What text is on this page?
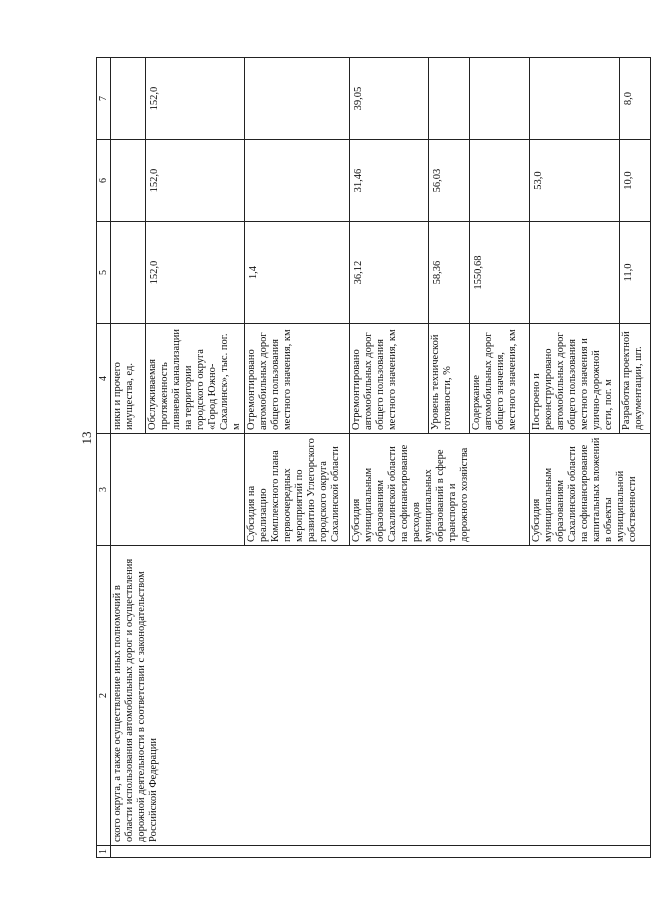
13
1	2	3	4	5	6	7
	ского округа, а также осуществление иных полномочий в области использования автомобильных дорог и осуществления дорожной деятельности в соответствии с законодательством Российской Федерации		ники и прочего имущества, ед.			
			Обслуживаемая протяженность ливневой канализации на территории городского округа «Город Южно-Сахалинск», тыс. пог. м	152,0	152,0	152,0
		Субсидия на реализацию Комплексного плана первоочередных мероприятий по развитию Углегорского городского округа Сахалинской области	Отремонтировано автомобильных дорог общего пользования местного значения, км	1,4		
		Субсидия муниципальным образованиям Сахалинской области на софинансирование расходов муниципальных образований в сфере транспорта и дорожного хозяйства	Отремонтировано автомобильных дорог общего пользования местного значения, км	36,12	31,46	39,05
			Уровень технической готовности, %	58,36	56,03	
			Содержание автомобильных дорог общего значения, местного значения, км	1550,68		
		Субсидия муниципальным образованиям Сахалинской области на софинансирование капитальных вложений в объекты муниципальной собственности	Построено и реконструировано автомобильных дорог общего пользования местного значения и улично-дорожной сети, пог. м		53,0	
			Разработка проектной документации, шт.	11,0	10,0	8,0
